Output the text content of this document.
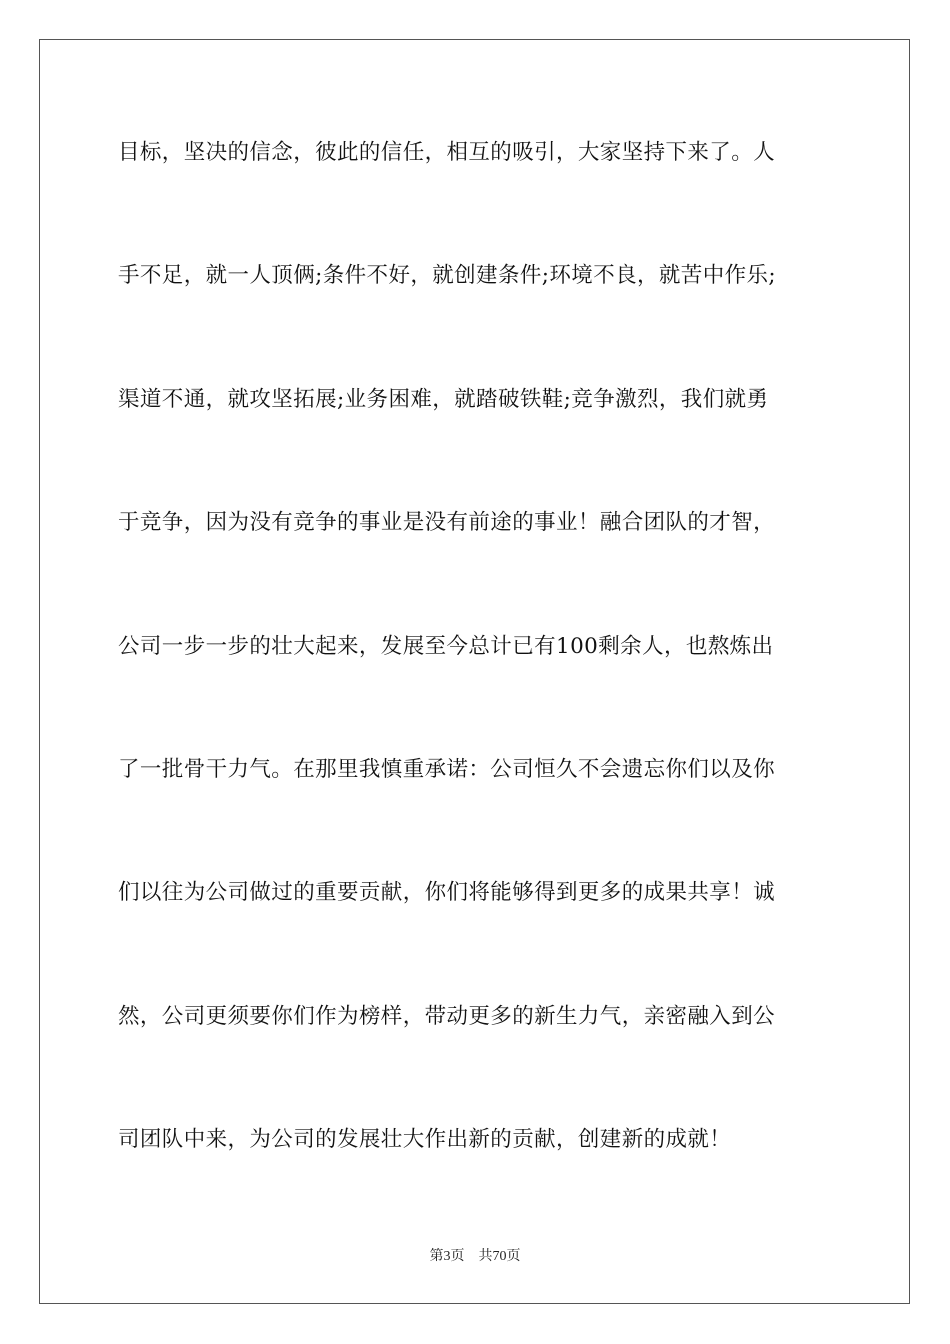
目标，坚决的信念，彼此的信任，相互的吸引，大家坚持下来了。人
手不足，就一人顶俩;条件不好，就创建条件;环境不良，就苦中作乐;
渠道不通，就攻坚拓展;业务困难，就踏破铁鞋;竞争激烈，我们就勇
于竞争，因为没有竞争的事业是没有前途的事业！融合团队的才智，
公司一步一步的壮大起来，发展至今总计已有100剩余人，也熬炼出
了一批骨干力气。在那里我慎重承诺：公司恒久不会遗忘你们以及你
们以往为公司做过的重要贡献，你们将能够得到更多的成果共享！诚
然，公司更须要你们作为榜样，带动更多的新生力气，亲密融入到公
司团队中来，为公司的发展壮大作出新的贡献，创建新的成就！
第3页 共70页
